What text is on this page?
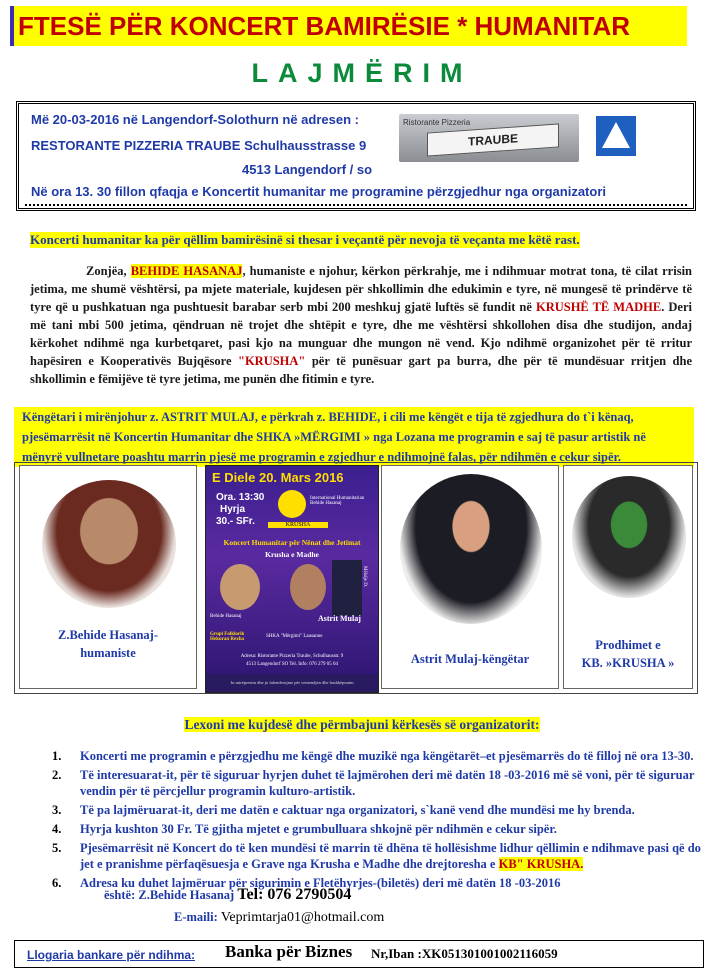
FTESË PËR KONCERT BAMIRËSIE * HUMANITAR
LAJMËRIM
Më 20-03-2016 në Langendorf-Solothurn në adresen :
RESTORANTE PIZZERIA TRAUBE Schulhausstrasse 9
4513 Langendorf / so
Në ora 13. 30 fillon qfaqja e Koncertit humanitar me programine përzgjedhur nga organizatori
Ristorante Pizzeria
TRAUBE
Koncerti humanitar ka për qëllim bamirësinë si thesar i veçantë për nevoja të veçanta me këtë rast.
Zonjëa, BEHIDE HASANAJ, humaniste e njohur, kërkon përkrahje, me i ndihmuar motrat tona, të cilat rrisin jetima, me shumë vështërsi, pa mjete materiale, kujdesen për shkollimin dhe edukimin e tyre, në mungesë të prindërve të tyre që u pushkatuan nga pushtuesit barabar serb mbi 200 meshkuj gjatë luftës së fundit në KRUSHË TË MADHE. Deri më tani mbi 500 jetima, qëndruan në trojet dhe shtëpit e tyre, dhe me vështërsi shkollohen disa dhe studijon, andaj kërkohet ndihmë nga kurbetqaret, pasi kjo na munguar dhe mungon në vend. Kjo ndihmë organizohet për të rritur hapësiren e Kooperativës Bujqësore "KRUSHA" për të punësuar gart pa burra, dhe për të mundësuar rritjen dhe shkollimin e fëmijëve të tyre jetima, me punën dhe fitimin e tyre.
Këngëtari i mirënjohur z. ASTRIT MULAJ, e përkrah z. BEHIDE, i cili me këngët e tija të zgjedhura do t`i kënaq, pjesëmarrësit në Koncertin Humanitar dhe SHKA »MËRGIMI » nga Lozana me programin e saj të pasur artistik në mënyrë vullnetare poashtu marrin pjesë me programin e zgjedhur e ndihmojnë falas, për ndihmën e cekur sipër.
Z.Behide Hasanaj-
humaniste
E Diele 20. Mars 2016
Ora. 13:30
Hyrja
30.- SFr.	KRUSHA
International Humanitarian Behide Hasanaj
Koncert Humanitar për Nënat dhe Jetimat
Krusha e Madhe
Mëlsije D.
Astrit Mulaj
Behide Hasanaj
Grupi Folklorik Hekuran Rexha
SHKA "Mërgimi" Lausanne
Adresa: Ristorante Pizzeria Traube, Schulhausstr. 9
4513 Langendorf SO Tel. Info: 076 279 05 04
Ju mirëpresim dhe ju falenderojme për vemendjen dhe bashkëpunim
Astrit Mulaj-këngëtar
Prodhimet e
KB. »KRUSHA »
Lexoni me kujdesë dhe përmbajuni kërkesës së organizatorit:
1. Koncerti me programin e përzgjedhu me këngë dhe muzikë nga këngëtarët–et pjesëmarrës do të filloj në ora 13-30.
2. Të interesuarat-it, për të siguruar hyrjen duhet të lajmërohen deri më datën 18 -03-2016 më së voni, për të siguruar vendin për të përcjellur programin kulturo-artistik.
3. Të pa lajmëruarat-it, deri me datën e caktuar nga organizatori, s`kanë vend dhe mundësi me hy brenda.
4. Hyrja kushton 30 Fr. Të gjitha mjetet e grumbulluara shkojnë për ndihmën e cekur sipër.
5. Pjesëmarrësit në Koncert do të ken mundësi të marrin të dhëna të hollësishme lidhur qëllimin e ndihmave pasi që do jet e pranishme përfaqësuesja e Grave nga Krusha e Madhe dhe drejtoresha e KB" KRUSHA.
6. Adresa ku duhet lajmëruar për sigurimin e Fletëhyrjes-(biletës) deri më datën 18 -03-2016
është: Z.Behide Hasanaj Tel: 076 2790504
E-maili: Veprimtarja01@hotmail.com
Llogaria bankare për ndihma: Banka për Biznes Nr,Iban :XK051301001002116059
